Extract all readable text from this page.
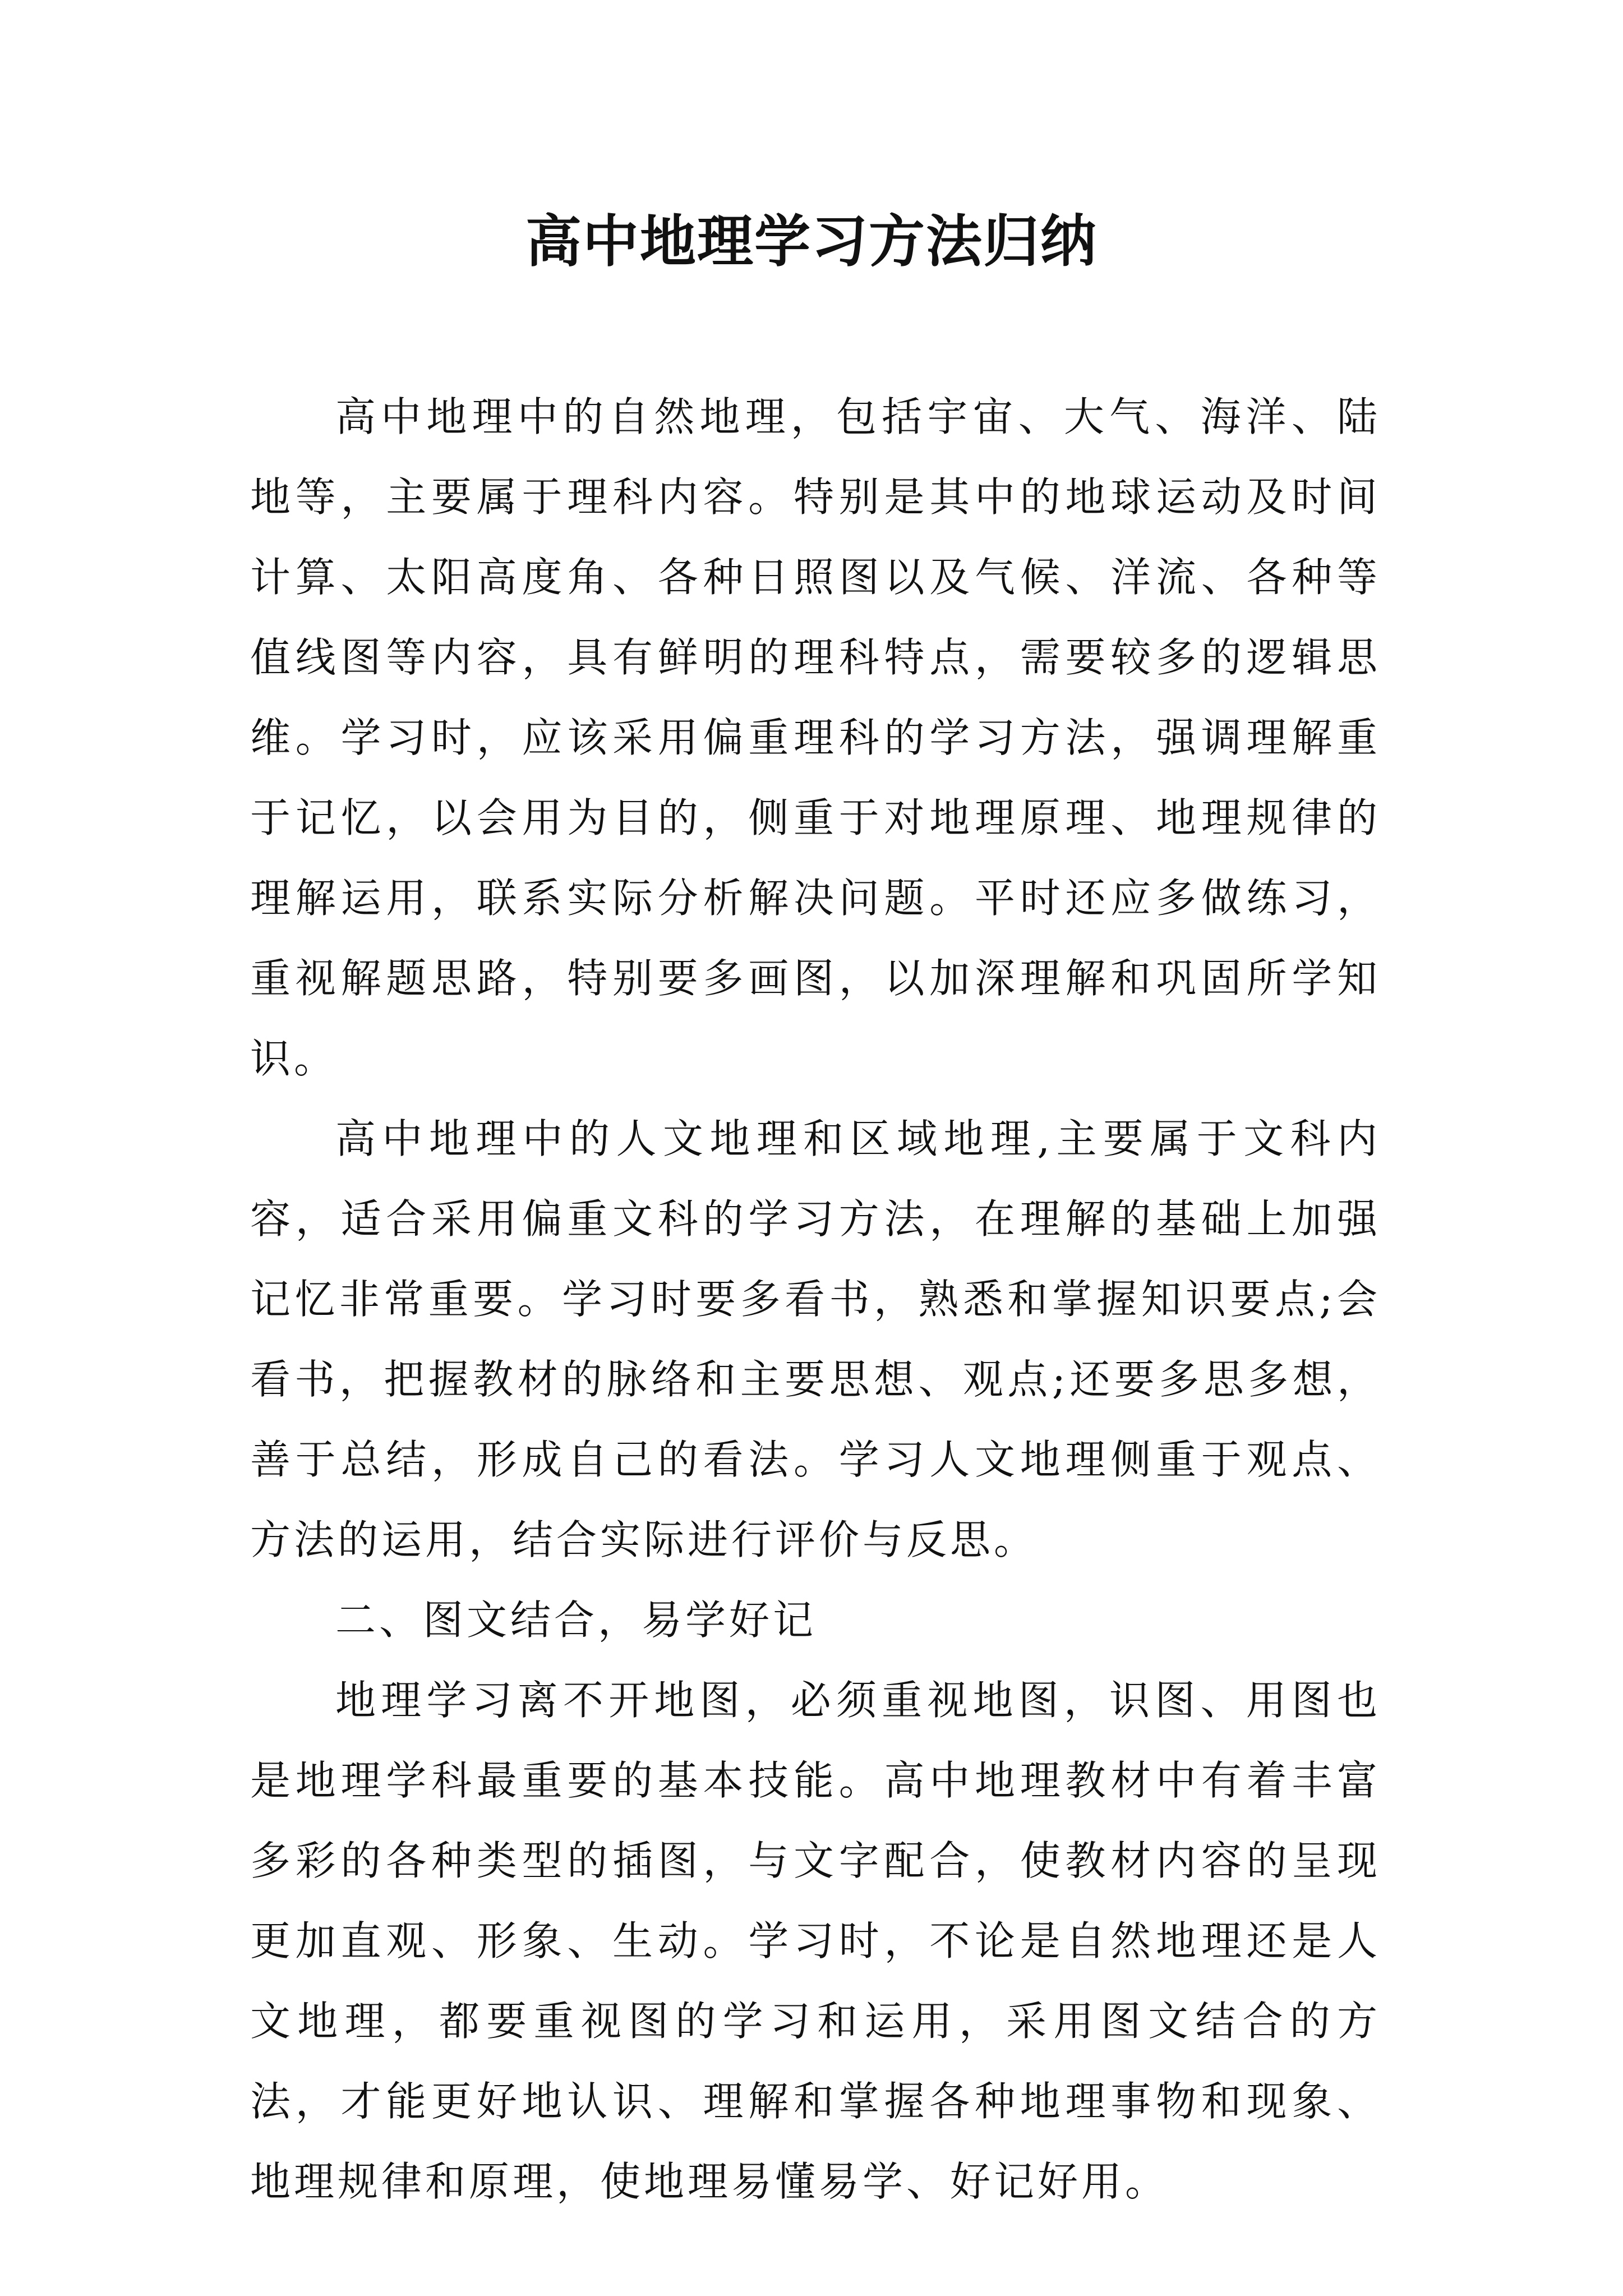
高中地理学习方法归纳

高中地理中的自然地理，包括宇宙、大气、海洋、陆地等，主要属于理科内容。特别是其中的地球运动及时间计算、太阳高度角、各种日照图以及气候、洋流、各种等值线图等内容，具有鲜明的理科特点，需要较多的逻辑思维。学习时，应该采用偏重理科的学习方法，强调理解重于记忆，以会用为目的，侧重于对地理原理、地理规律的理解运用，联系实际分析解决问题。平时还应多做练习，重视解题思路，特别要多画图，以加深理解和巩固所学知识。

高中地理中的人文地理和区域地理,主要属于文科内容，适合采用偏重文科的学习方法，在理解的基础上加强记忆非常重要。学习时要多看书，熟悉和掌握知识要点;会看书，把握教材的脉络和主要思想、观点;还要多思多想，善于总结，形成自己的看法。学习人文地理侧重于观点、方法的运用，结合实际进行评价与反思。

二、图文结合，易学好记

地理学习离不开地图，必须重视地图，识图、用图也是地理学科最重要的基本技能。高中地理教材中有着丰富多彩的各种类型的插图，与文字配合，使教材内容的呈现更加直观、形象、生动。学习时，不论是自然地理还是人文地理，都要重视图的学习和运用，采用图文结合的方法，才能更好地认识、理解和掌握各种地理事物和现象、地理规律和原理，使地理易懂易学、好记好用。
